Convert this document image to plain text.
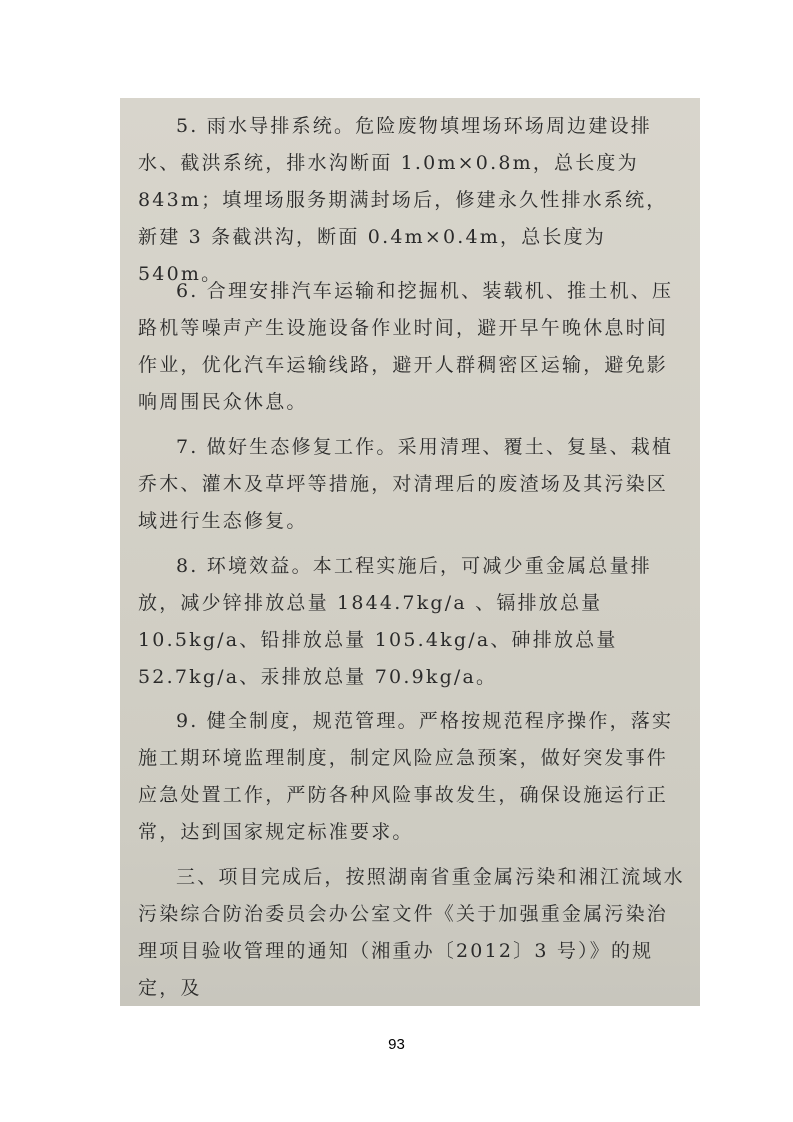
5. 雨水导排系统。危险废物填埋场环场周边建设排水、截洪系统，排水沟断面 1.0m×0.8m，总长度为 843m；填埋场服务期满封场后，修建永久性排水系统，新建 3 条截洪沟，断面 0.4m×0.4m，总长度为 540m。

6. 合理安排汽车运输和挖掘机、装载机、推土机、压路机等噪声产生设施设备作业时间，避开早午晚休息时间作业，优化汽车运输线路，避开人群稠密区运输，避免影响周围民众休息。

7. 做好生态修复工作。采用清理、覆土、复垦、栽植乔木、灌木及草坪等措施，对清理后的废渣场及其污染区域进行生态修复。

8. 环境效益。本工程实施后，可减少重金属总量排放，减少锌排放总量 1844.7kg/a 、镉排放总量 10.5kg/a、铅排放总量 105.4kg/a、砷排放总量 52.7kg/a、汞排放总量 70.9kg/a。

9. 健全制度，规范管理。严格按规范程序操作，落实施工期环境监理制度，制定风险应急预案，做好突发事件应急处置工作，严防各种风险事故发生，确保设施运行正常，达到国家规定标准要求。

三、项目完成后，按照湖南省重金属污染和湘江流域水污染综合防治委员会办公室文件《关于加强重金属污染治理项目验收管理的通知（湘重办〔2012〕3 号）》的规定，及

93
